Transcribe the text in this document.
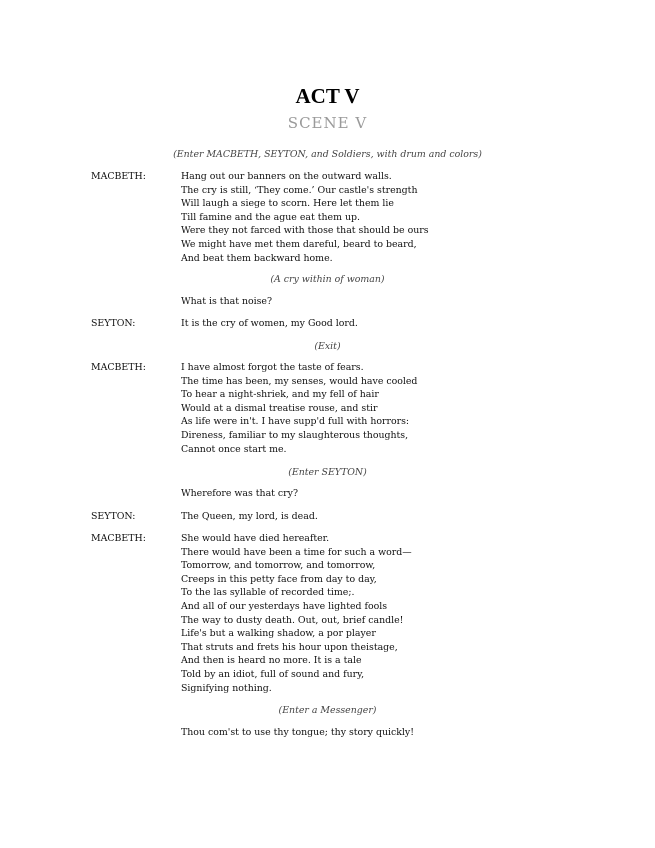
ACT V
SCENE V
(Enter MACBETH, SEYTON, and Soldiers, with drum and colors)
MACBETH:	Hang out our banners on the outward walls.
The cry is still, ‘They come.’ Our castle's strength
Will laugh a siege to scorn. Here let them lie
Till famine and the ague eat them up.
Were they not farced with those that should be ours
We might have met them dareful, beard to beard,
And beat them backward home.
(A cry within of woman)
What is that noise?
SEYTON:	It is the cry of women, my Good lord.
(Exit)
MACBETH:	I have almost forgot the taste of fears.
The time has been, my senses, would have cooled
To hear a night-shriek, and my fell of hair
Would at a dismal treatise rouse, and stir
As life were in't. I have supp'd full with horrors:
Direness, familiar to my slaughterous thoughts,
Cannot once start me.
(Enter SEYTON)
Wherefore was that cry?
SEYTON:	The Queen, my lord, is dead.
MACBETH:	She would have died hereafter.
There would have been a time for such a word—
Tomorrow, and tomorrow, and tomorrow,
Creeps in this petty face from day to day,
To the las syllable of recorded time;.
And all of our yesterdays have lighted fools
The way to dusty death. Out, out, brief candle!
Life's but a walking shadow, a por player
That struts and frets his hour upon theistage,
And then is heard no more. It is a tale
Told by an idiot, full of sound and fury,
Signifying nothing.
(Enter a Messenger)
Thou com'st to use thy tongue; thy story quickly!
